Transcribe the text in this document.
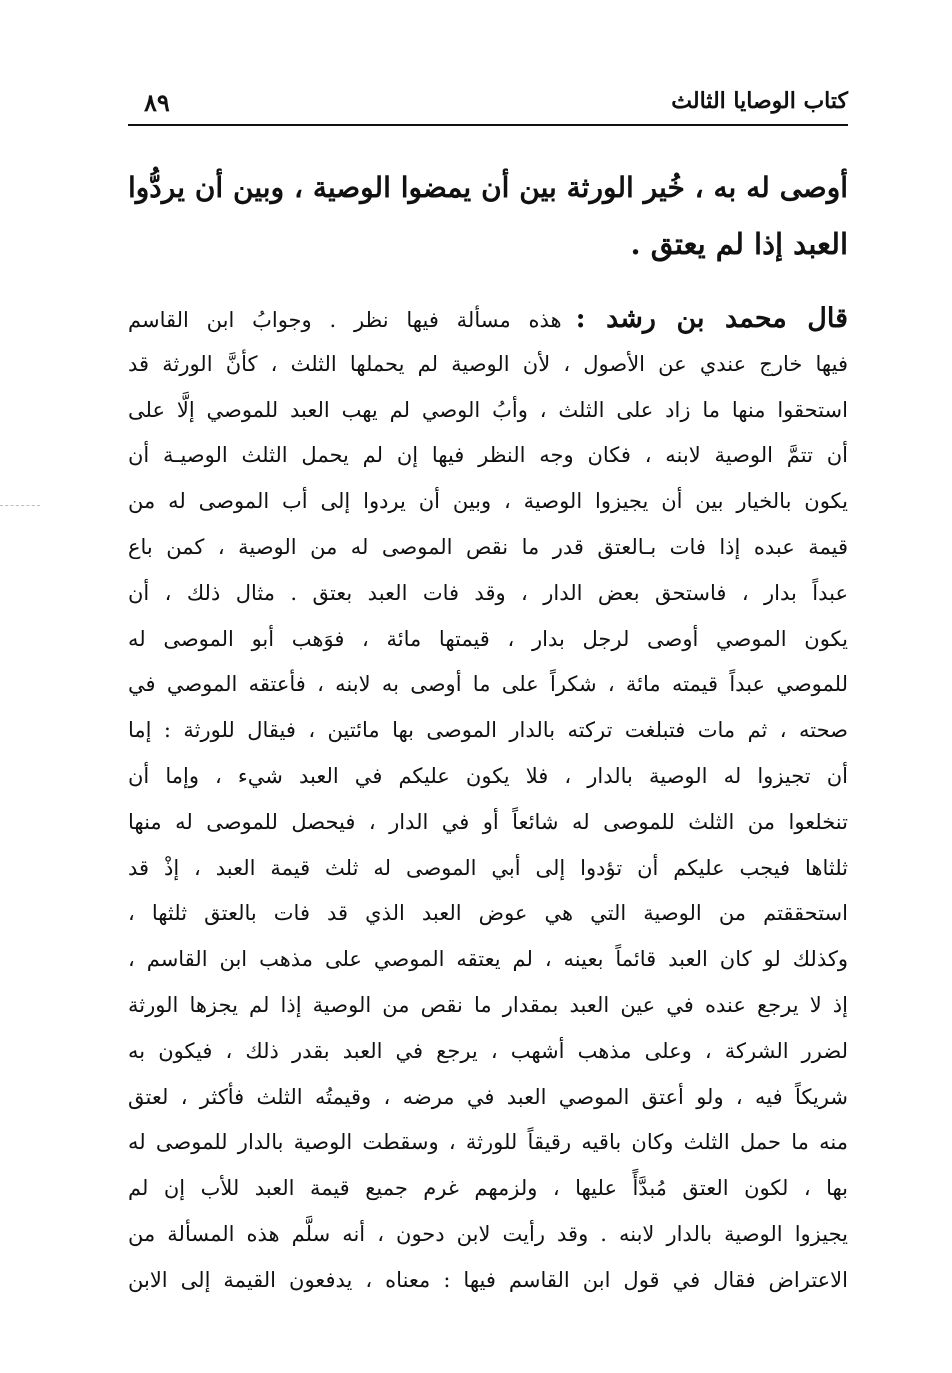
٨٩	كتاب الوصايا الثالث
أوصى له به ، خُير الورثة بين أن يمضوا الوصية ، وبين أن يردُّوا
العبد إذا لم يعتق .
قال محمد بن رشد :هذه مسألة فيها نظر . وجوابُ ابن القاسم
فيها خارج عندي عن الأصول ، لأن الوصية لم يحملها الثلث ، كأنَّ الورثة قد
استحقوا منها ما زاد على الثلث ، وأبُ الوصي لم يهب العبد للموصي إلَّا على
أن تتمَّ الوصية لابنه ، فكان وجه النظر فيها إن لم يحمل الثلث الوصيـة أن
يكون بالخيار بين أن يجيزوا الوصية ، وبين أن يردوا إلى أب الموصى له من
قيمة عبده إذا فات بـالعتق قدر ما نقص الموصى له من الوصية ، كمن باع
عبداً بدار ، فاستحق بعض الدار ، وقد فات العبد بعتق . مثال ذلك ، أن
يكون الموصي أوصى لرجل بدار ، قيمتها مائة ، فوَهب أبو الموصى له
للموصي عبداً قيمته مائة ، شكراً على ما أوصى به لابنه ، فأعتقه الموصي في
صحته ، ثم مات فتبلغت تركته بالدار الموصى بها مائتين ، فيقال للورثة : إما
أن تجيزوا له الوصية بالدار ، فلا يكون عليكم في العبد شيء ، وإما أن
تنخلعوا من الثلث للموصى له شائعاً أو في الدار ، فيحصل للموصى له منها
ثلثاها فيجب عليكم أن تؤدوا إلى أبي الموصى له ثلث قيمة العبد ، إذْ قد
استحققتم من الوصية التي هي عوض العبد الذي قد فات بالعتق ثلثها ،
وكذلك لو كان العبد قائماً بعينه ، لم يعتقه الموصي على مذهب ابن القاسم ،
إذ لا يرجع عنده في عين العبد بمقدار ما نقص من الوصية إذا لم يجزها الورثة
لضرر الشركة ، وعلى مذهب أشهب ، يرجع في العبد بقدر ذلك ، فيكون به
شريكاً فيه ، ولو أعتق الموصي العبد في مرضه ، وقيمتُه الثلث فأكثر ، لعتق
منه ما حمل الثلث وكان باقيه رقيقاً للورثة ، وسقطت الوصية بالدار للموصى له
بها ، لكون العتق مُبدَّأً عليها ، ولزمهم غرم جميع قيمة العبد للأب إن لم
يجيزوا الوصية بالدار لابنه . وقد رأيت لابن دحون ، أنه سلَّم هذه المسألة من
الاعتراض فقال في قول ابن القاسم فيها : معناه ، يدفعون القيمة إلى الابن
